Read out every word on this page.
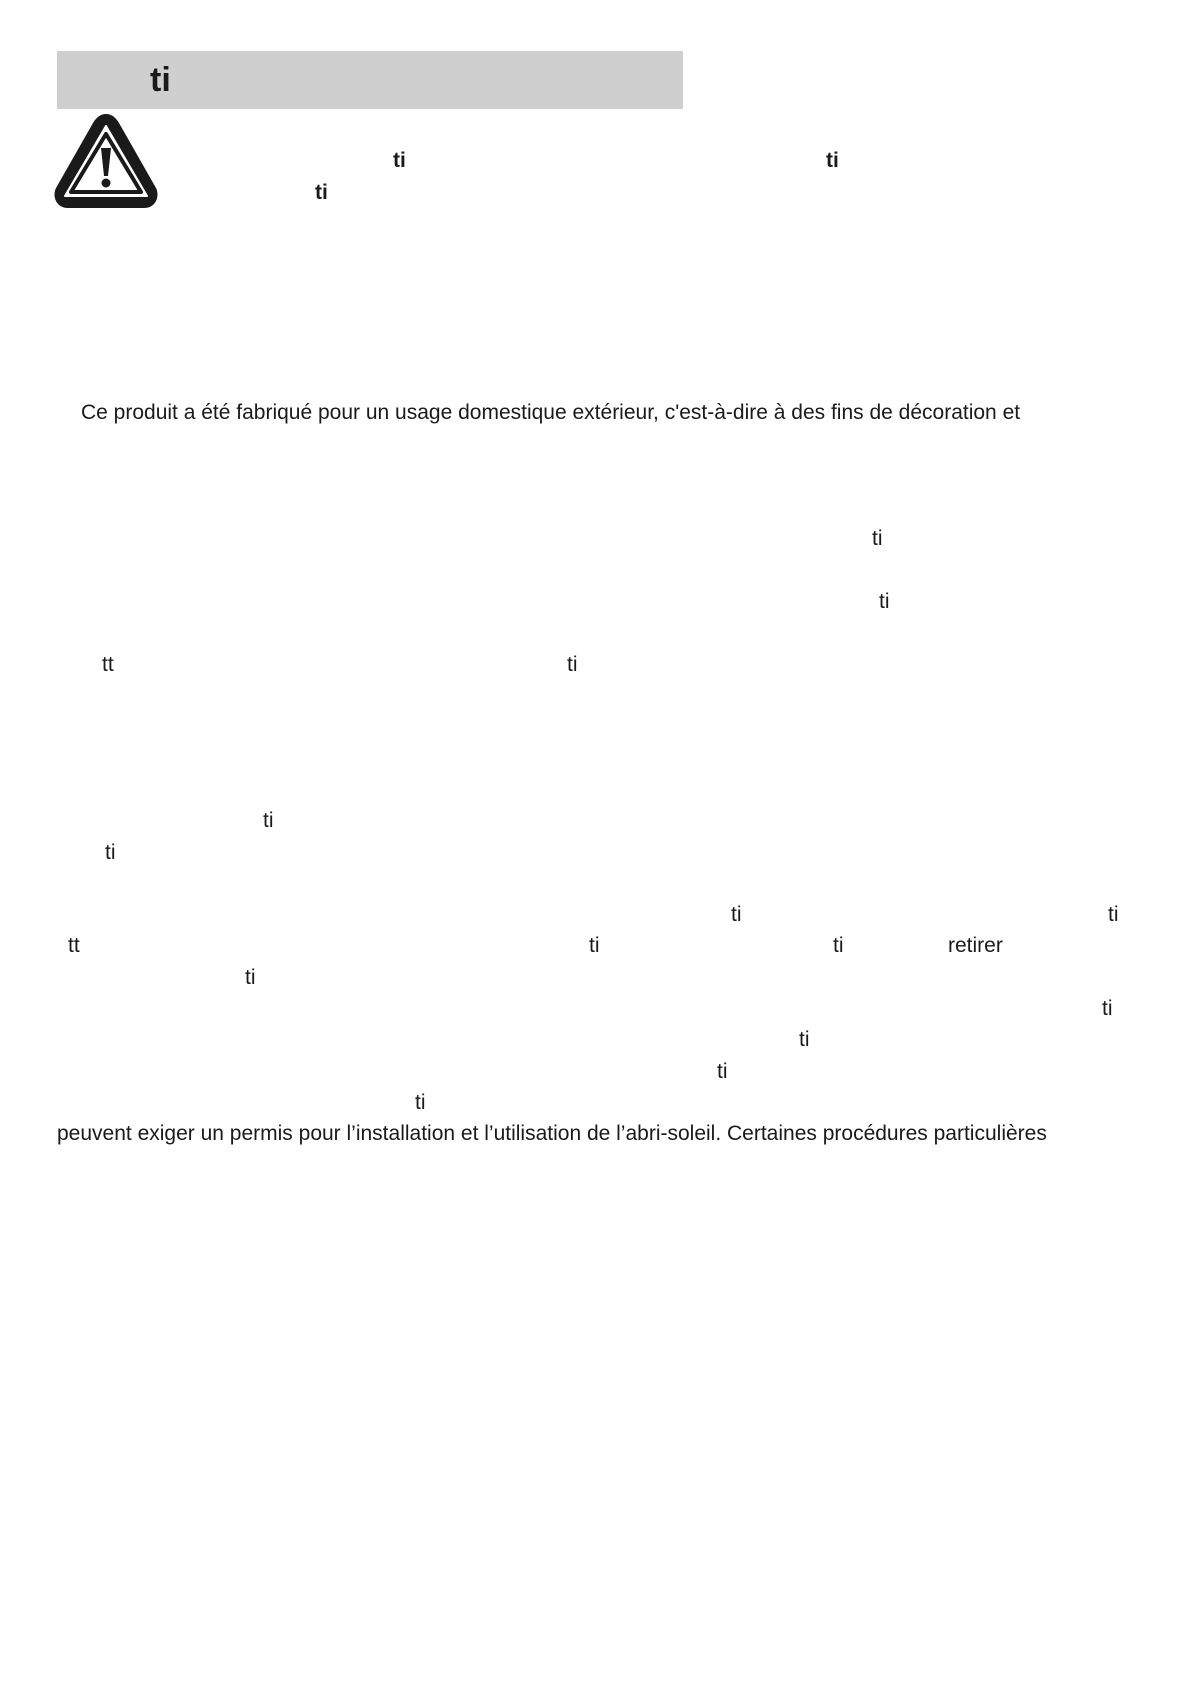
ti
ti	ti
ti
Ce produit a été fabriqué pour un usage domestique extérieur, c'est-à-dire à des fins de décoration et
ti
ti
tt	ti
ti
ti
ti	ti
tt	ti	ti	retirer
ti
ti
ti
ti
ti
peuvent exiger un permis pour l’installation et l’utilisation de l’abri-soleil. Certaines procédures particulières
